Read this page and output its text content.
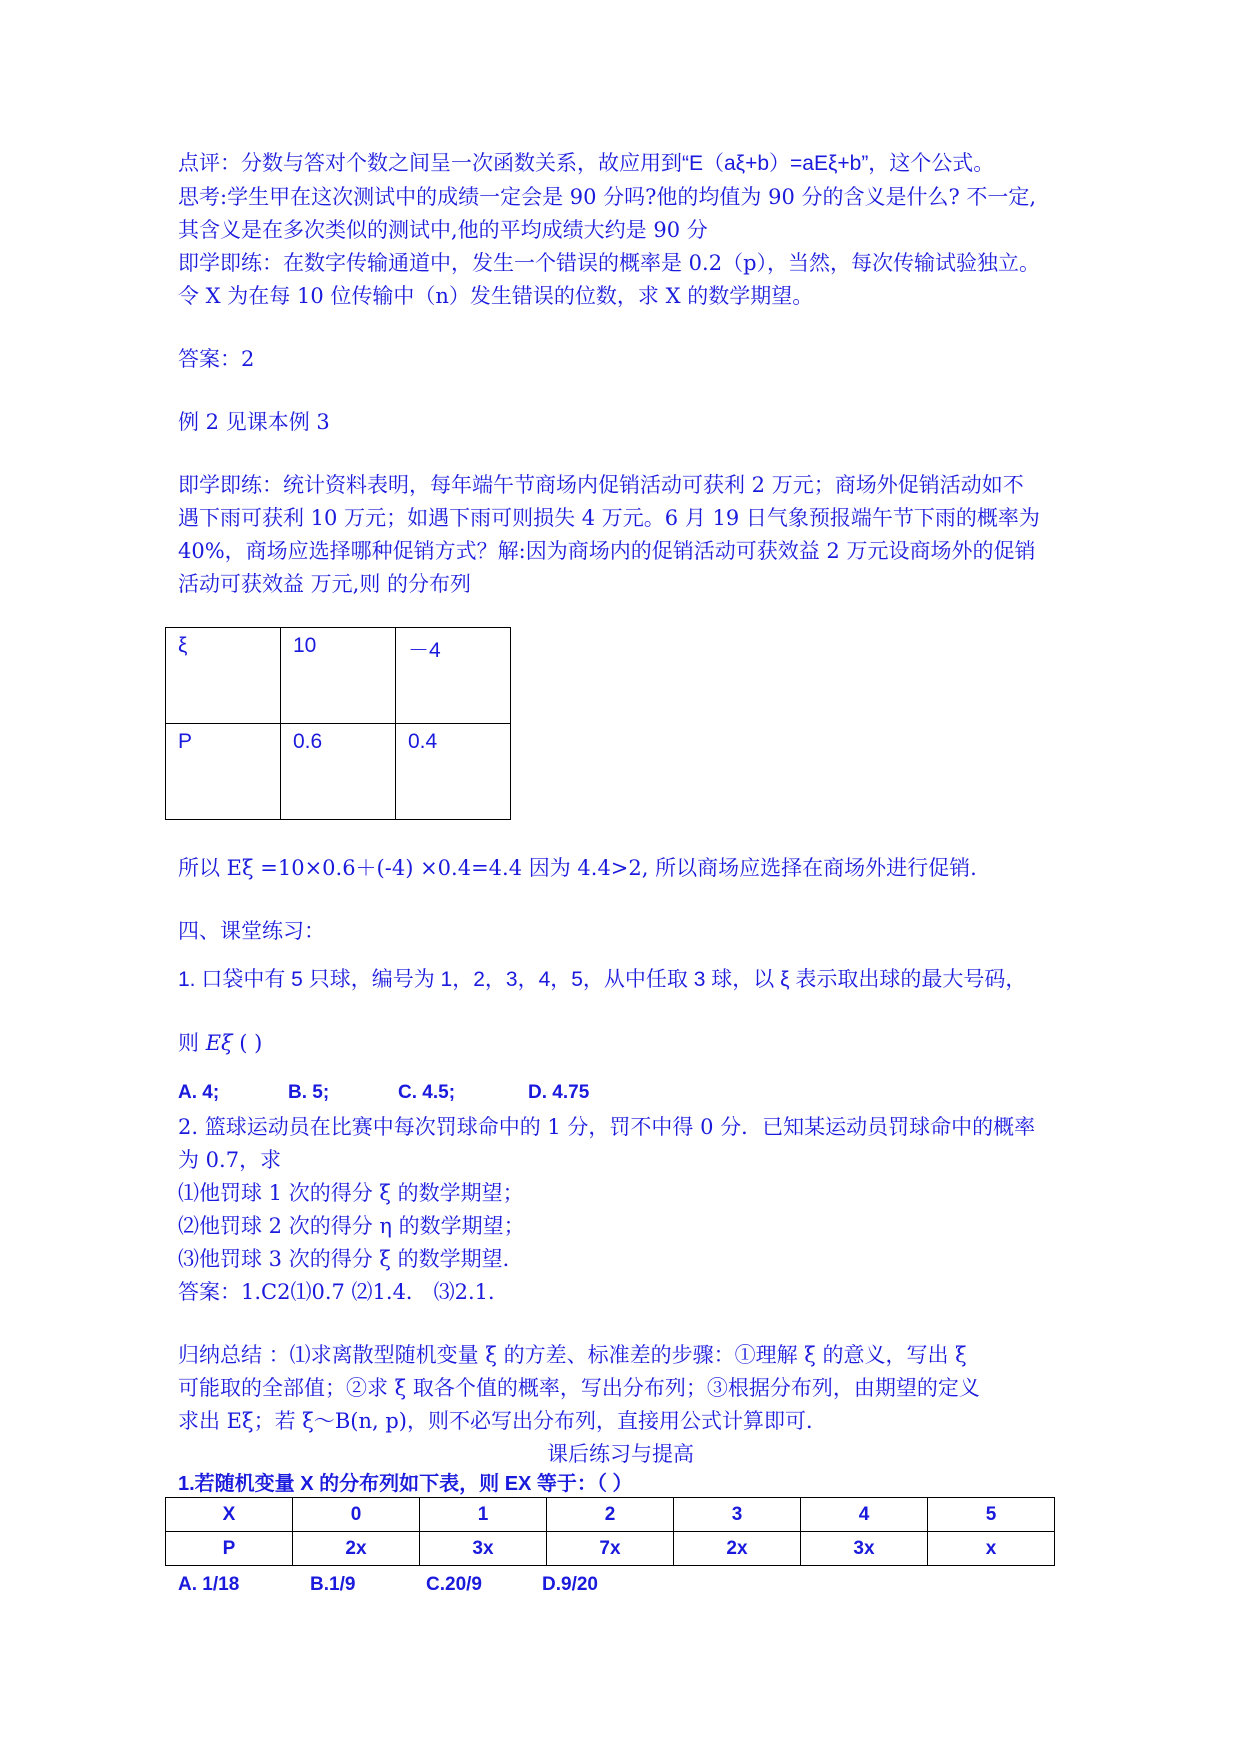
点评：分数与答对个数之间呈一次函数关系，故应用到“E（aξ+b）=aEξ+b”，这个公式。
思考:学生甲在这次测试中的成绩一定会是 90 分吗?他的均值为 90 分的含义是什么? 不一定,
其含义是在多次类似的测试中,他的平均成绩大约是 90 分
即学即练：在数字传输通道中，发生一个错误的概率是 0.2（p），当然，每次传输试验独立。
令 X 为在每 10 位传输中（n）发生错误的位数，求 X 的数学期望。
答案：2
例 2 见课本例 3
即学即练：统计资料表明，每年端午节商场内促销活动可获利 2 万元；商场外促销活动如不
遇下雨可获利 10 万元；如遇下雨可则损失 4 万元。6 月 19 日气象预报端午节下雨的概率为
40%，商场应选择哪种促销方式？解:因为商场内的促销活动可获效益 2 万元设商场外的促销
活动可获效益 万元,则 的分布列
ξ	10	－4
P	0.6	0.4
所以 Eξ =10×0.6＋(-4) ×0.4=4.4 因为 4.4>2, 所以商场应选择在商场外进行促销.
四、课堂练习：
1. 口袋中有 5 只球，编号为 1，2，3，4，5，从中任取 3 球，以 ξ 表示取出球的最大号码，
则 Eξ ( )
A. 4;	B. 5;	C. 4.5;	D. 4.75
2. 篮球运动员在比赛中每次罚球命中的 1 分，罚不中得 0 分．已知某运动员罚球命中的概率
为 0.7，求
⑴他罚球 1 次的得分 ξ 的数学期望；
⑵他罚球 2 次的得分 η 的数学期望；
⑶他罚球 3 次的得分 ξ 的数学期望．
答案：1.C2⑴0.7 ⑵1.4． ⑶2.1．
归纳总结 ：⑴求离散型随机变量 ξ 的方差、标准差的步骤：①理解 ξ 的意义，写出 ξ
可能取的全部值；②求 ξ 取各个值的概率，写出分布列；③根据分布列，由期望的定义
求出 Eξ；若 ξ～B(n, p)，则不必写出分布列，直接用公式计算即可．
课后练习与提高
1.若随机变量 X 的分布列如下表，则 EX 等于：（ ）
X	0	1	2	3	4	5
P	2x	3x	7x	2x	3x	x
A. 1/18	B.1/9	C.20/9	D.9/20
